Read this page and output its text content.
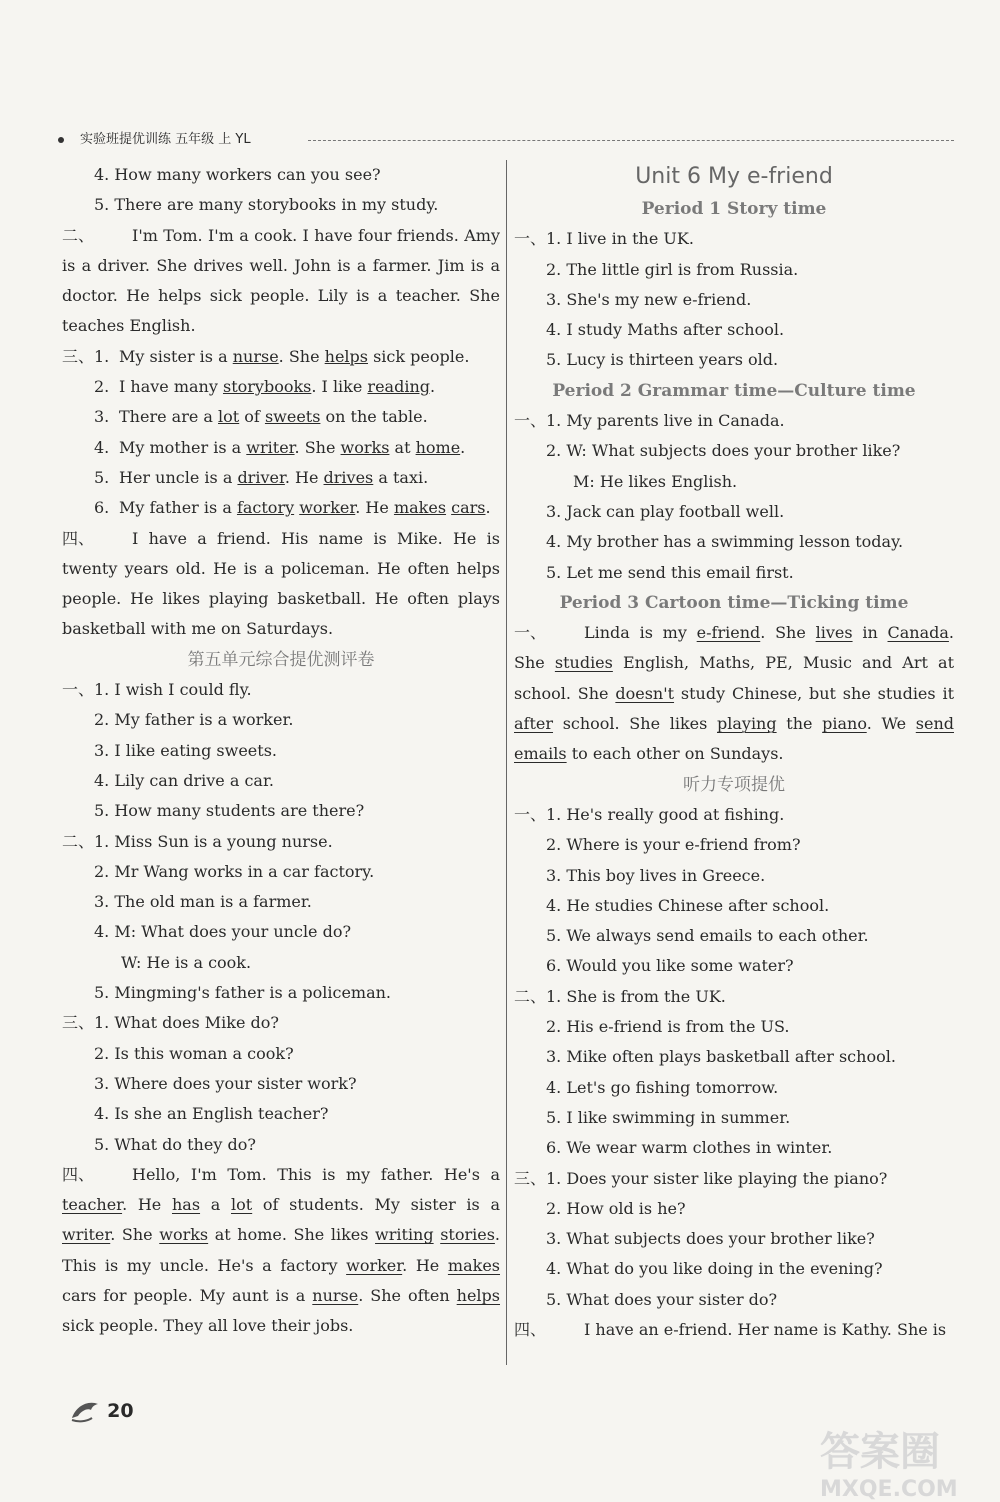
实验班提优训练 五年级 上 YL
4. How many workers can you see?
5. There are many storybooks in my study.
二、 I'm Tom. I'm a cook. I have four friends. Amy is a driver. She drives well. John is a farmer. Jim is a doctor. He helps sick people. Lily is a teacher. She teaches English.
三、 1. My sister is a nurse. She helps sick people.
2. I have many storybooks. I like reading.
3. There are a lot of sweets on the table.
4. My mother is a writer. She works at home.
5. Her uncle is a driver. He drives a taxi.
6. My father is a factory worker. He makes cars.
四、 I have a friend. His name is Mike. He is twenty years old. He is a policeman. He often helps people. He likes playing basketball. He often plays basketball with me on Saturdays.
第五单元综合提优测评卷
一、 1. I wish I could fly.
2. My father is a worker.
3. I like eating sweets.
4. Lily can drive a car.
5. How many students are there?
二、 1. Miss Sun is a young nurse.
2. Mr Wang works in a car factory.
3. The old man is a farmer.
4. M: What does your uncle do?
W: He is a cook.
5. Mingming's father is a policeman.
三、 1. What does Mike do?
2. Is this woman a cook?
3. Where does your sister work?
4. Is she an English teacher?
5. What do they do?
四、 Hello, I'm Tom. This is my father. He's a teacher. He has a lot of students. My sister is a writer. She works at home. She likes writing stories. This is my uncle. He's a factory worker. He makes cars for people. My aunt is a nurse. She often helps sick people. They all love their jobs.
Unit 6 My e-friend
Period 1 Story time
一、 1. I live in the UK.
2. The little girl is from Russia.
3. She's my new e-friend.
4. I study Maths after school.
5. Lucy is thirteen years old.
Period 2 Grammar time—Culture time
一、 1. My parents live in Canada.
2. W: What subjects does your brother like?
M: He likes English.
3. Jack can play football well.
4. My brother has a swimming lesson today.
5. Let me send this email first.
Period 3 Cartoon time—Ticking time
一、 Linda is my e-friend. She lives in Canada. She studies English, Maths, PE, Music and Art at school. She doesn't study Chinese, but she studies it after school. She likes playing the piano. We send emails to each other on Sundays.
听力专项提优
一、 1. He's really good at fishing.
2. Where is your e-friend from?
3. This boy lives in Greece.
4. He studies Chinese after school.
5. We always send emails to each other.
6. Would you like some water?
二、 1. She is from the UK.
2. His e-friend is from the US.
3. Mike often plays basketball after school.
4. Let's go fishing tomorrow.
5. I like swimming in summer.
6. We wear warm clothes in winter.
三、 1. Does your sister like playing the piano?
2. How old is he?
3. What subjects does your brother like?
4. What do you like doing in the evening?
5. What does your sister do?
四、 I have an e-friend. Her name is Kathy. She is
20
答案圈
MXQE.COM
